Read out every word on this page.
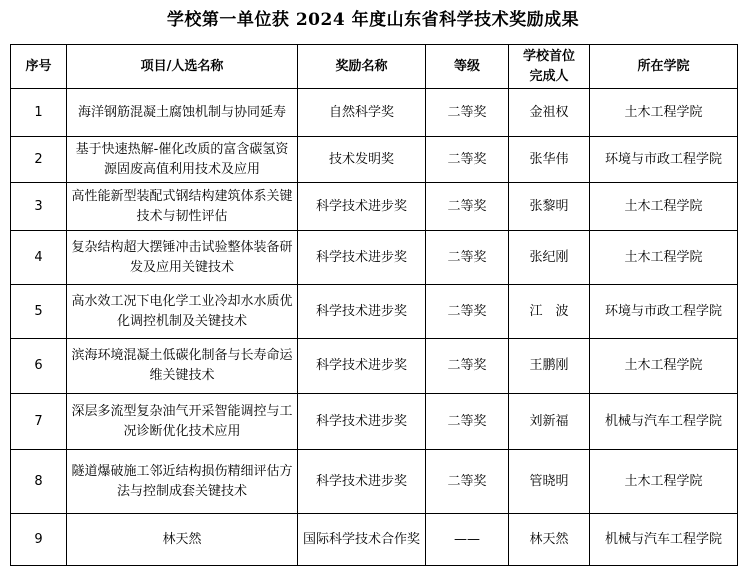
学校第一单位获 2024 年度山东省科学技术奖励成果
序号	项目/人选名称	奖励名称	等级	学校首位完成人	所在学院
1	海洋钢筋混凝土腐蚀机制与协同延寿	自然科学奖	二等奖	金祖权	土木工程学院
2	基于快速热解-催化改质的富含碳氢资源固废高值利用技术及应用	技术发明奖	二等奖	张华伟	环境与市政工程学院
3	高性能新型装配式钢结构建筑体系关键技术与韧性评估	科学技术进步奖	二等奖	张黎明	土木工程学院
4	复杂结构超大摆锤冲击试验整体装备研发及应用关键技术	科学技术进步奖	二等奖	张纪刚	土木工程学院
5	高水效工况下电化学工业冷却水水质优化调控机制及关键技术	科学技术进步奖	二等奖	江　波	环境与市政工程学院
6	滨海环境混凝土低碳化制备与长寿命运维关键技术	科学技术进步奖	二等奖	王鹏刚	土木工程学院
7	深层多流型复杂油气开采智能调控与工况诊断优化技术应用	科学技术进步奖	二等奖	刘新福	机械与汽车工程学院
8	隧道爆破施工邻近结构损伤精细评估方法与控制成套关键技术	科学技术进步奖	二等奖	管晓明	土木工程学院
9	林天然	国际科学技术合作奖	——	林天然	机械与汽车工程学院
